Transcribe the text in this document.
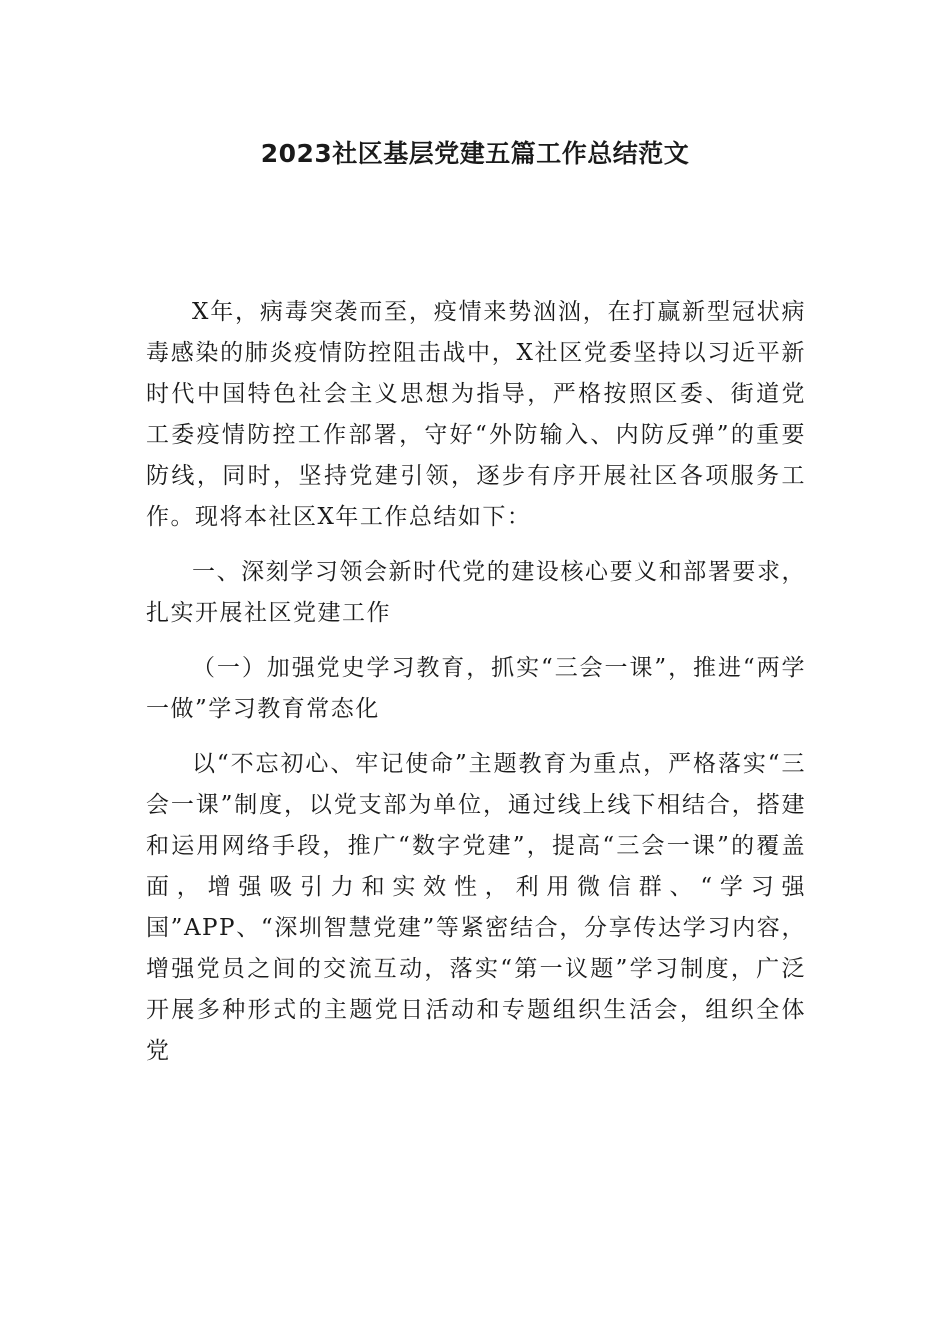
2023社区基层党建五篇工作总结范文

X年，病毒突袭而至，疫情来势汹汹，在打赢新型冠状病毒感染的肺炎疫情防控阻击战中，X社区党委坚持以习近平新时代中国特色社会主义思想为指导，严格按照区委、街道党工委疫情防控工作部署，守好“外防输入、内防反弹”的重要防线，同时，坚持党建引领，逐步有序开展社区各项服务工作。现将本社区X年工作总结如下：

一、深刻学习领会新时代党的建设核心要义和部署要求，扎实开展社区党建工作

（一）加强党史学习教育，抓实“三会一课”，推进“两学一做”学习教育常态化

以“不忘初心、牢记使命”主题教育为重点，严格落实“三会一课”制度，以党支部为单位，通过线上线下相结合，搭建和运用网络手段，推广“数字党建”，提高“三会一课”的覆盖面，增强吸引力和实效性，利用微信群、“学习强国”APP、“深圳智慧党建”等紧密结合，分享传达学习内容，增强党员之间的交流互动，落实“第一议题”学习制度，广泛开展多种形式的主题党日活动和专题组织生活会，组织全体党
